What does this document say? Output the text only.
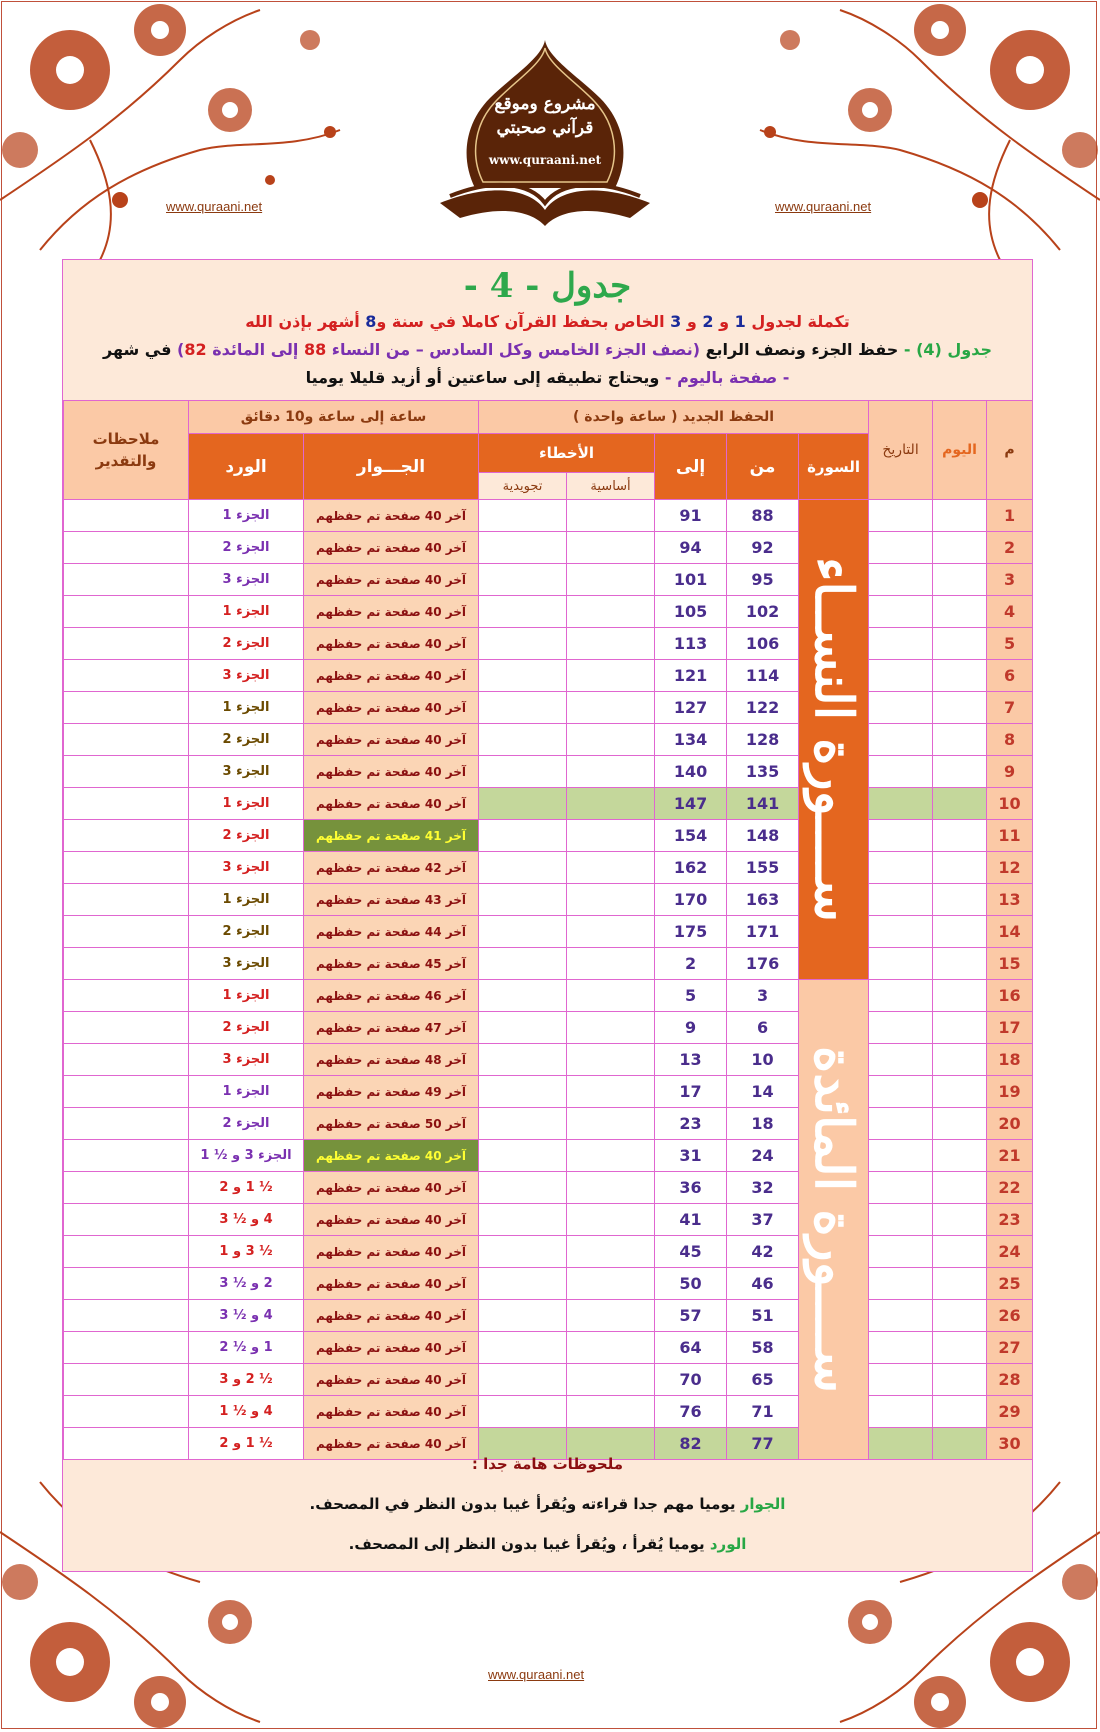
www.quraani.net	www.quraani.net
مشروع وموقع
قرآني صحبتي
www.quraani.net
جدول - 4 -
تكملة لجدول 1 و 2 و 3 الخاص بحفظ القرآن كاملا في سنة و8 أشهر بإذن الله
جدول (4) - حفظ الجزء ونصف الرابع (نصف الجزء الخامس وكل السادس – من النساء 88 إلى المائدة 82) في شهر
- صفحة باليوم - ويحتاج تطبيقه إلى ساعتين أو أزيد قليلا يوميا
م	اليوم	التاريخ	الحفظ الجديد ( ساعة واحدة )					ساعة إلى ساعة و10 دقائق		ملاحظات والتقدير
			السورة	من	إلى	الأخطاء		الجـــوار	الورد	
						أساسية	تجويدية			
1			ســــورة النســاء	88	91			آخر 40 صفحة تم حفظهم	الجزء 1	
2				92	94			آخر 40 صفحة تم حفظهم	الجزء 2	
3				95	101			آخر 40 صفحة تم حفظهم	الجزء 3	
4				102	105			آخر 40 صفحة تم حفظهم	الجزء 1	
5				106	113			آخر 40 صفحة تم حفظهم	الجزء 2	
6				114	121			آخر 40 صفحة تم حفظهم	الجزء 3	
7				122	127			آخر 40 صفحة تم حفظهم	الجزء 1	
8				128	134			آخر 40 صفحة تم حفظهم	الجزء 2	
9				135	140			آخر 40 صفحة تم حفظهم	الجزء 3	
10				141	147			آخر 40 صفحة تم حفظهم	الجزء 1	
11				148	154			آخر 41 صفحة تم حفظهم	الجزء 2	
12				155	162			آخر 42 صفحة تم حفظهم	الجزء 3	
13				163	170			آخر 43 صفحة تم حفظهم	الجزء 1	
14				171	175			آخر 44 صفحة تم حفظهم	الجزء 2	
15				176	2			آخر 45 صفحة تم حفظهم	الجزء 3	
16			ســــورة المائدة	3	5			آخر 46 صفحة تم حفظهم	الجزء 1	
17				6	9			آخر 47 صفحة تم حفظهم	الجزء 2	
18				10	13			آخر 48 صفحة تم حفظهم	الجزء 3	
19				14	17			آخر 49 صفحة تم حفظهم	الجزء 1	
20				18	23			آخر 50 صفحة تم حفظهم	الجزء 2	
21				24	31			آخر 40 صفحة تم حفظهم	الجزء 3 و ½ 1	
22				32	36			آخر 40 صفحة تم حفظهم	½ 1 و 2	
23				37	41			آخر 40 صفحة تم حفظهم	4 و ½ 3	
24				42	45			آخر 40 صفحة تم حفظهم	½ 3 و 1	
25				46	50			آخر 40 صفحة تم حفظهم	2 و ½ 3	
26				51	57			آخر 40 صفحة تم حفظهم	4 و ½ 3	
27				58	64			آخر 40 صفحة تم حفظهم	1 و ½ 2	
28				65	70			آخر 40 صفحة تم حفظهم	½ 2 و 3	
29				71	76			آخر 40 صفحة تم حفظهم	4 و ½ 1	
30				77	82			آخر 40 صفحة تم حفظهم	½ 1 و 2	
ملحوظات هامة جدا :
الجوار يوميا مهم جدا قراءته ويُقرأ غيبا بدون النظر في المصحف.
الورد يوميا يُقرأ ، ويُقرأ غيبا بدون النظر إلى المصحف.
www.quraani.net
